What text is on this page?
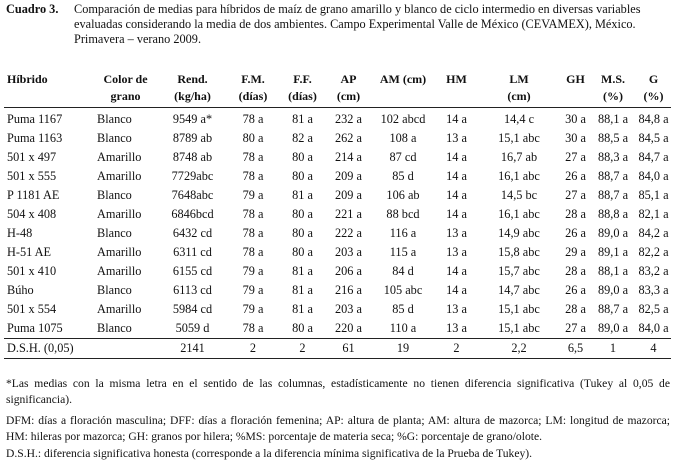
Cuadro 3. Comparación de medias para híbridos de maíz de grano amarillo y blanco de ciclo intermedio en diversas variables evaluadas considerando la media de dos ambientes. Campo Experimental Valle de México (CEVAMEX), México. Primavera – verano 2009.
Híbrido	Color de	Rend.	F.M.	F.F.	AP	AM (cm)	HM	LM	GH	M.S.	G
	grano	(kg/ha)	(días)	(días)	(cm)			(cm)		(%)	(%)
Puma 1167	Blanco	9549 a*	78 a	81 a	232 a	102 abcd	14 a	14,4 c	30 a	88,1 a	84,8 a
Puma 1163	Blanco	8789 ab	80 a	82 a	262 a	108 a	13 a	15,1 abc	30 a	88,5 a	84,5 a
501 x 497	Amarillo	8748 ab	78 a	80 a	214 a	87 cd	14 a	16,7 ab	27 a	88,3 a	84,7 a
501 x 555	Amarillo	7729abc	78 a	80 a	209 a	85 d	14 a	16,1 abc	26 a	88,7 a	84,0 a
P 1181 AE	Blanco	7648abc	79 a	81 a	209 a	106 ab	14 a	14,5 bc	27 a	88,7 a	85,1 a
504 x 408	Amarillo	6846bcd	78 a	80 a	221 a	88 bcd	14 a	16,1 abc	28 a	88,8 a	82,1 a
H-48	Blanco	6432 cd	78 a	80 a	222 a	116 a	13 a	14,9 abc	26 a	89,0 a	84,2 a
H-51 AE	Amarillo	6311 cd	78 a	80 a	203 a	115 a	13 a	15,8 abc	29 a	89,1 a	82,2 a
501 x 410	Amarillo	6155 cd	79 a	81 a	206 a	84 d	14 a	15,7 abc	28 a	88,1 a	83,2 a
Búho	Blanco	6113 cd	79 a	81 a	216 a	105 abc	14 a	14,7 abc	26 a	89,0 a	83,3 a
501 x 554	Amarillo	5984 cd	79 a	81 a	203 a	85 d	13 a	15,1 abc	28 a	88,7 a	82,5 a
Puma 1075	Blanco	5059 d	78 a	80 a	220 a	110 a	13 a	15,1 abc	27 a	89,0 a	84,0 a
D.S.H. (0,05)		2141	2	2	61	19	2	2,2	6,5	1	4

*Las medias con la misma letra en el sentido de las columnas, estadísticamente no tienen diferencia significativa (Tukey al 0,05 de significancia).

DFM: días a floración masculina; DFF: días a floración femenina; AP: altura de planta; AM: altura de mazorca; LM: longitud de mazorca; HM: hileras por mazorca; GH: granos por hilera; %MS: porcentaje de materia seca; %G: porcentaje de grano/olote.

D.S.H.: diferencia significativa honesta (corresponde a la diferencia mínima significativa de la Prueba de Tukey).
